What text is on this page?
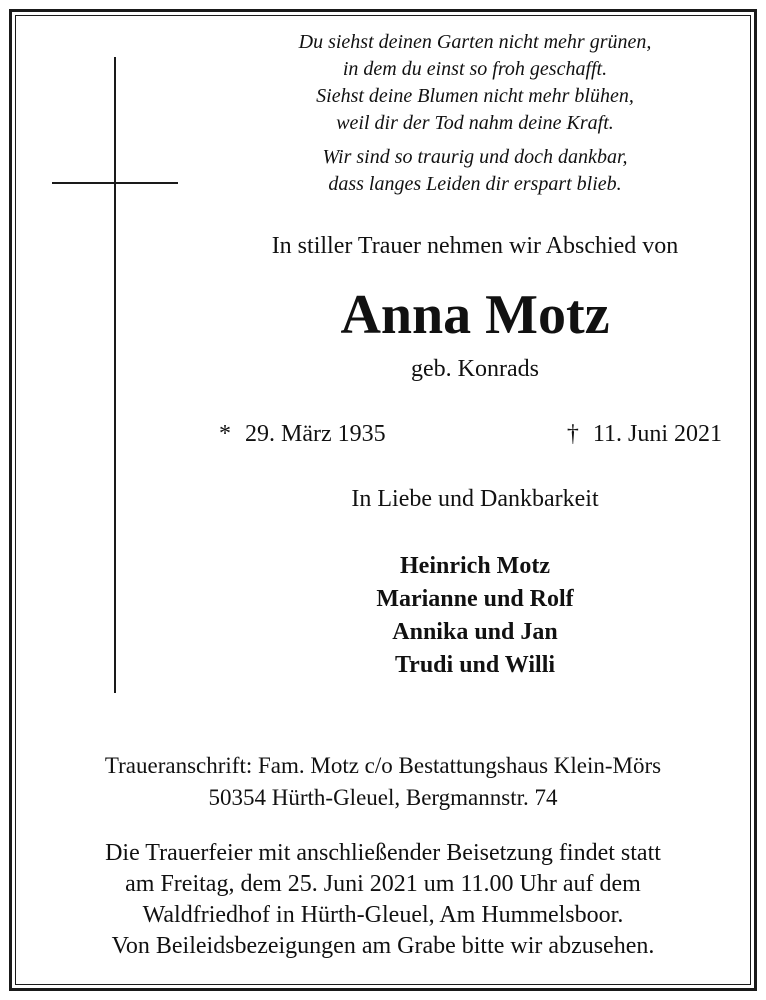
Du siehst deinen Garten nicht mehr grünen,
in dem du einst so froh geschafft.
Siehst deine Blumen nicht mehr blühen,
weil dir der Tod nahm deine Kraft.
Wir sind so traurig und doch dankbar,
dass langes Leiden dir erspart blieb.
In stiller Trauer nehmen wir Abschied von
Anna Motz
geb. Konrads
* 29. März 1935	† 11. Juni 2021
In Liebe und Dankbarkeit
Heinrich Motz
Marianne und Rolf
Annika und Jan
Trudi und Willi
Traueranschrift: Fam. Motz c/o Bestattungshaus Klein-Mörs
50354 Hürth-Gleuel, Bergmannstr. 74
Die Trauerfeier mit anschließender Beisetzung findet statt
am Freitag, dem 25. Juni 2021 um 11.00 Uhr auf dem
Waldfriedhof in Hürth-Gleuel, Am Hummelsboor.
Von Beileidsbezeigungen am Grabe bitte wir abzusehen.
